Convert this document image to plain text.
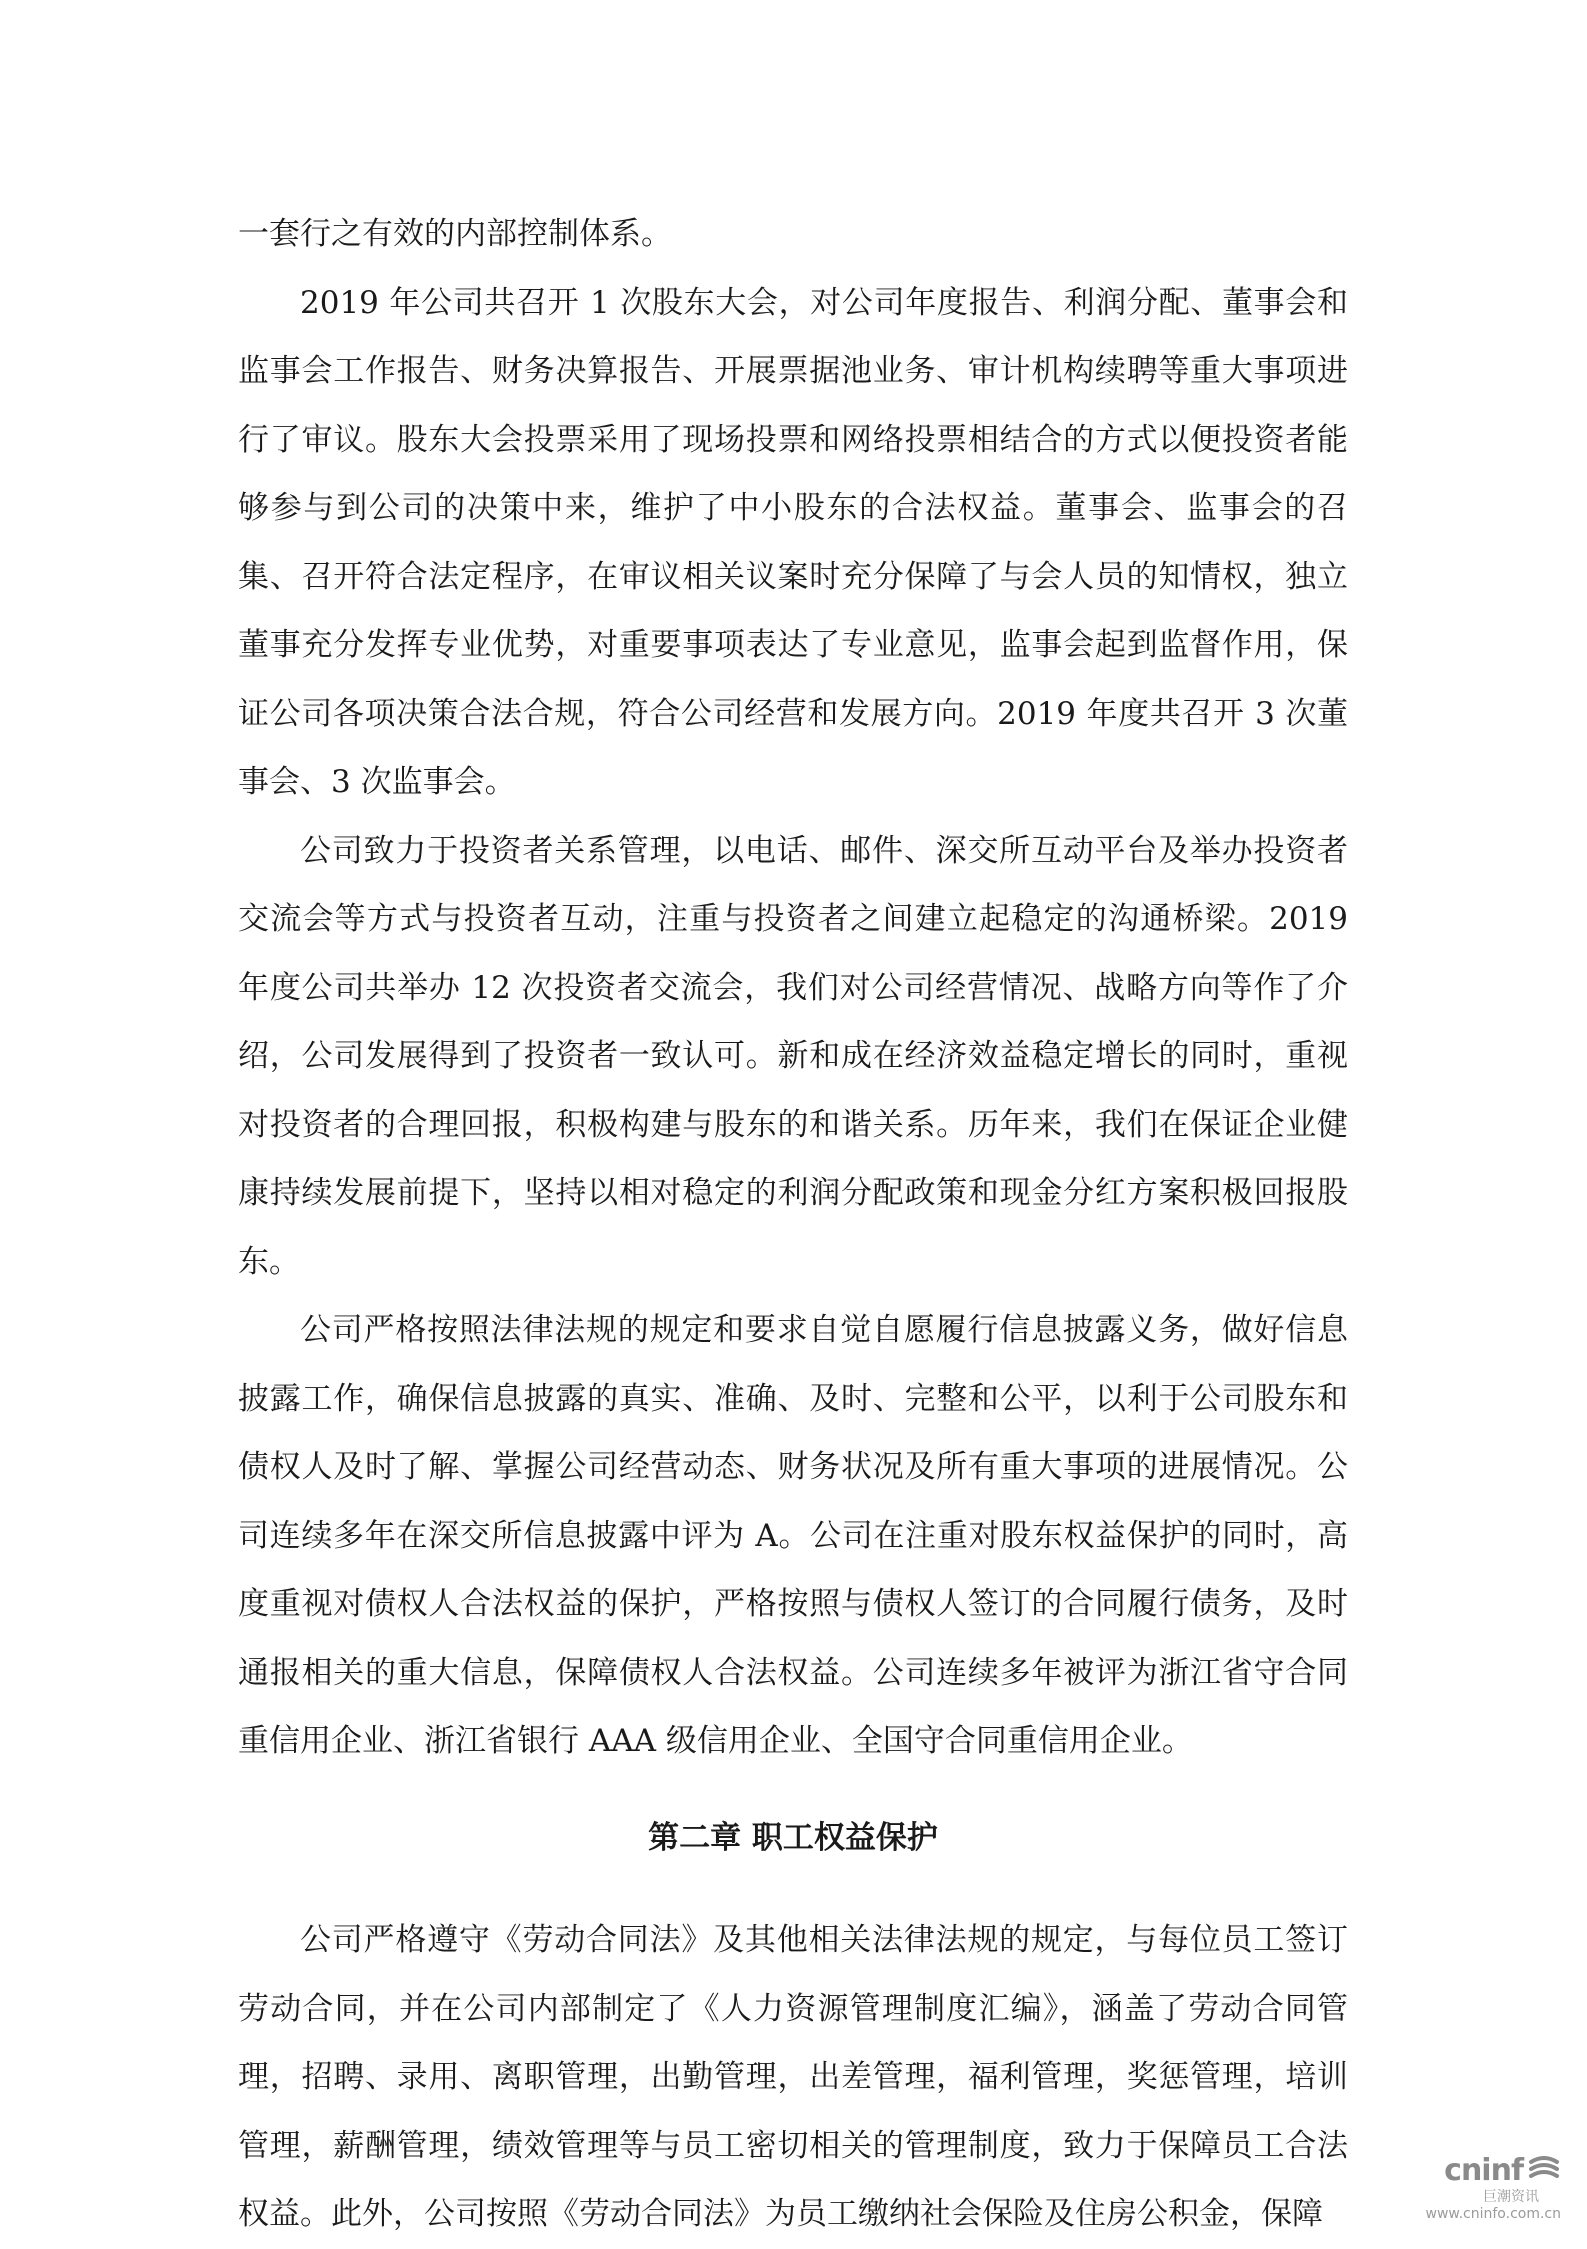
一套行之有效的内部控制体系。

2019 年公司共召开 1 次股东大会，对公司年度报告、利润分配、董事会和监事会工作报告、财务决算报告、开展票据池业务、审计机构续聘等重大事项进行了审议。股东大会投票采用了现场投票和网络投票相结合的方式以便投资者能够参与到公司的决策中来，维护了中小股东的合法权益。董事会、监事会的召集、召开符合法定程序，在审议相关议案时充分保障了与会人员的知情权，独立董事充分发挥专业优势，对重要事项表达了专业意见，监事会起到监督作用，保证公司各项决策合法合规，符合公司经营和发展方向。2019 年度共召开 3 次董事会、3 次监事会。

公司致力于投资者关系管理，以电话、邮件、深交所互动平台及举办投资者交流会等方式与投资者互动，注重与投资者之间建立起稳定的沟通桥梁。2019 年度公司共举办 12 次投资者交流会，我们对公司经营情况、战略方向等作了介绍，公司发展得到了投资者一致认可。新和成在经济效益稳定增长的同时，重视对投资者的合理回报，积极构建与股东的和谐关系。历年来，我们在保证企业健康持续发展前提下，坚持以相对稳定的利润分配政策和现金分红方案积极回报股东。

公司严格按照法律法规的规定和要求自觉自愿履行信息披露义务，做好信息披露工作，确保信息披露的真实、准确、及时、完整和公平，以利于公司股东和债权人及时了解、掌握公司经营动态、财务状况及所有重大事项的进展情况。公司连续多年在深交所信息披露中评为 A。公司在注重对股东权益保护的同时，高度重视对债权人合法权益的保护，严格按照与债权人签订的合同履行债务，及时通报相关的重大信息，保障债权人合法权益。公司连续多年被评为浙江省守合同重信用企业、浙江省银行 AAA 级信用企业、全国守合同重信用企业。

第二章 职工权益保护

公司严格遵守《劳动合同法》及其他相关法律法规的规定，与每位员工签订劳动合同，并在公司内部制定了《人力资源管理制度汇编》，涵盖了劳动合同管理，招聘、录用、离职管理，出勤管理，出差管理，福利管理，奖惩管理，培训管理，薪酬管理，绩效管理等与员工密切相关的管理制度，致力于保障员工合法权益。此外，公司按照《劳动合同法》为员工缴纳社会保险及住房公积金，保障

cninf
巨潮资讯
www.cninfo.com.cn
